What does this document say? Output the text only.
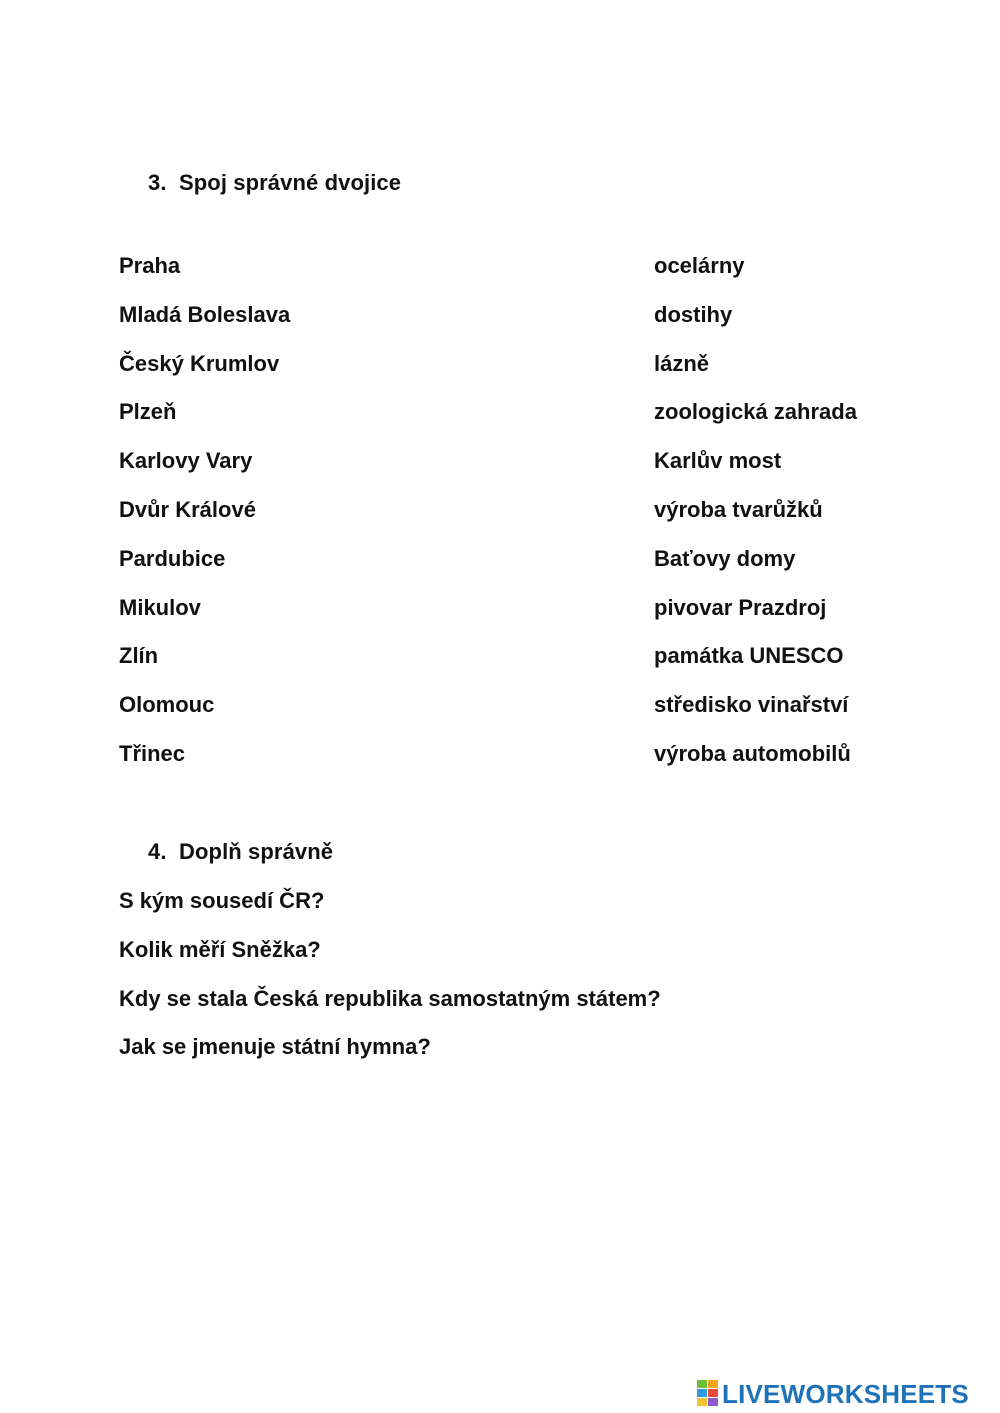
3. Spoj správné dvojice
Praha	ocelárny
Mladá Boleslava	dostihy
Český Krumlov	lázně
Plzeň	zoologická zahrada
Karlovy Vary	Karlův most
Dvůr Králové	výroba tvarůžků
Pardubice	Baťovy domy
Mikulov	pivovar Prazdroj
Zlín	památka UNESCO
Olomouc	středisko vinařství
Třinec	výroba automobilů
4. Doplň správně
S kým sousedí ČR?
Kolik měří Sněžka?
Kdy se stala Česká republika samostatným státem?
Jak se jmenuje státní hymna?
LIVEWORKSHEETS
